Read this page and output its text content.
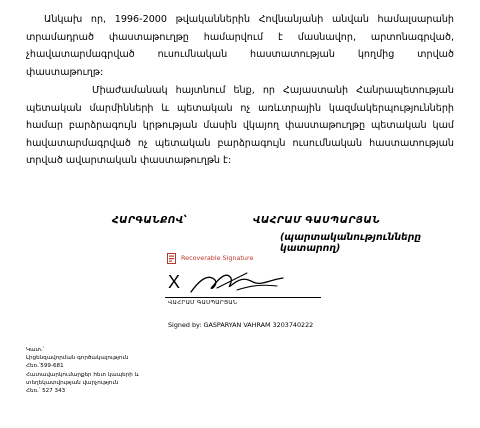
Անկախ որ, 1996-2000 թվականներին Հովնանյանի անվան համալսարանի տրամադրած փաստաթուղթը համարվում է մասնավոր, արտոնագրված, չհավատարմագրված ուսումնական հաստատության կողմից տրված փաստաթուղթ:

Միաժամանակ հայտնում ենք, որ Հայաստանի Հանրապետության պետական մարմինների և պետական ոչ առևտրային կազմակերպությունների համար բարձրագույն կրթության մասին վկայող փաստաթուղթը պետական կամ հավատարմագրված ոչ պետական բարձրագույն ուսումնական հաստատության տրված ավարտական փաստաթուղթն է:

ՀԱՐԳԱՆՔՈՎ՝	ՎԱՀՐԱՄ ԳԱՍՊԱՐՅԱՆ
(պարտականությունները կատարող)
Recoverable Signature
X
ՎԱՀՐԱՄ ԳԱՍՊԱՐՅԱՆ
Signed by: GASPARYAN VAHRAM 3203740222
Կատ.՝
Լիցենզավորման գործակալություն
Հեռ.՝599-681
Հատավարկումարքեր հետ կապերի և
տեղեկատվության վարչություն
Հեռ.՝ 527 343
